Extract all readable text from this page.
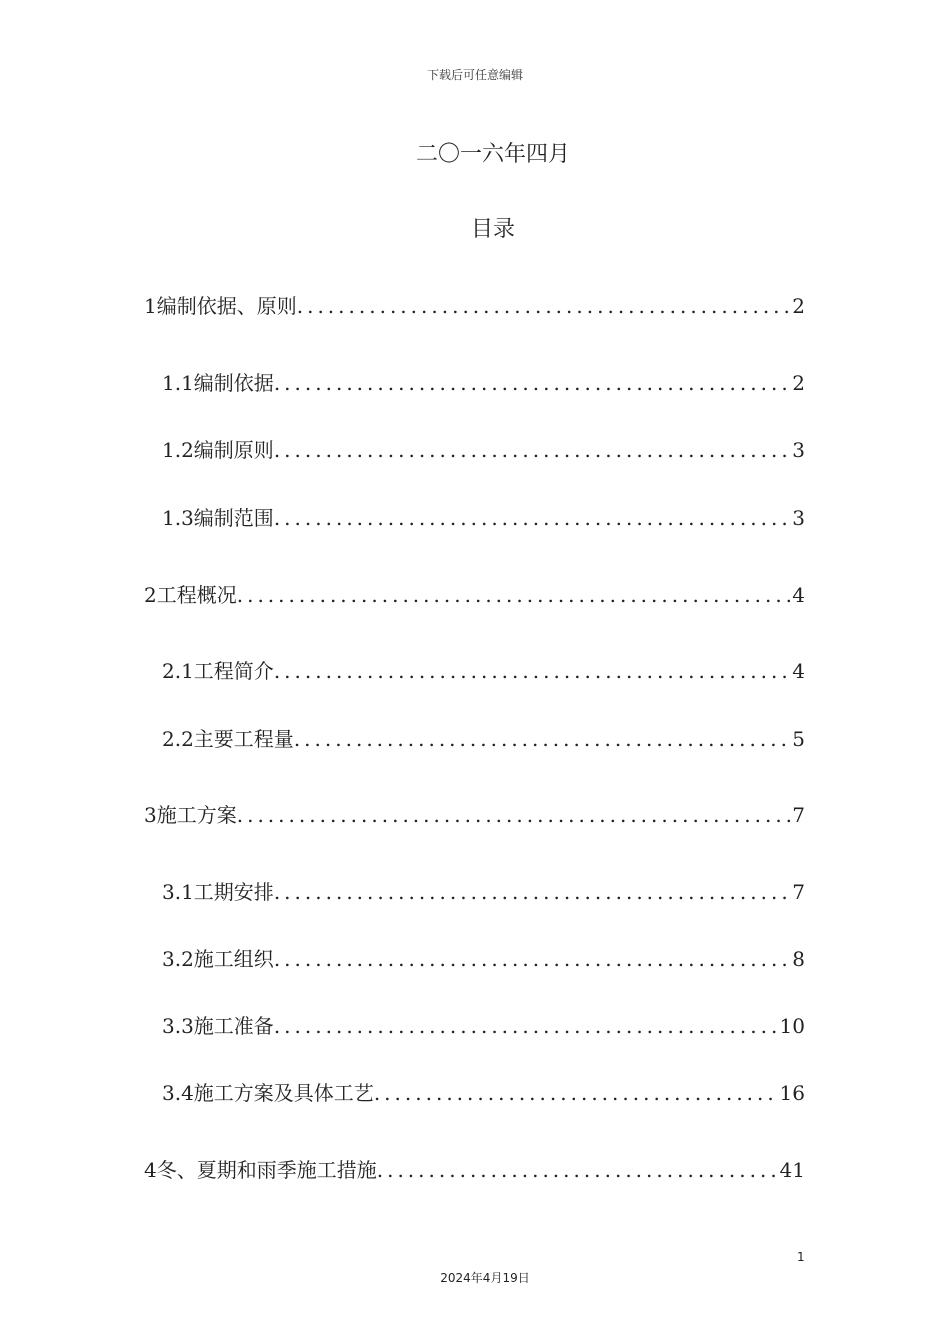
下载后可任意编辑
二〇一六年四月
目录
1编制依据、原则 .....	2
1.1编制依据 .....	2
1.2编制原则 .....	3
1.3编制范围 .....	3
2工程概况 .....	4
2.1工程简介 .....	4
2.2主要工程量 .....	5
3施工方案 .....	7
3.1工期安排 .....	7
3.2施工组织 .....	8
3.3施工准备 .....	10
3.4施工方案及具体工艺 .....	16
4冬、夏期和雨季施工措施 .....	41
1
2024年4月19日
